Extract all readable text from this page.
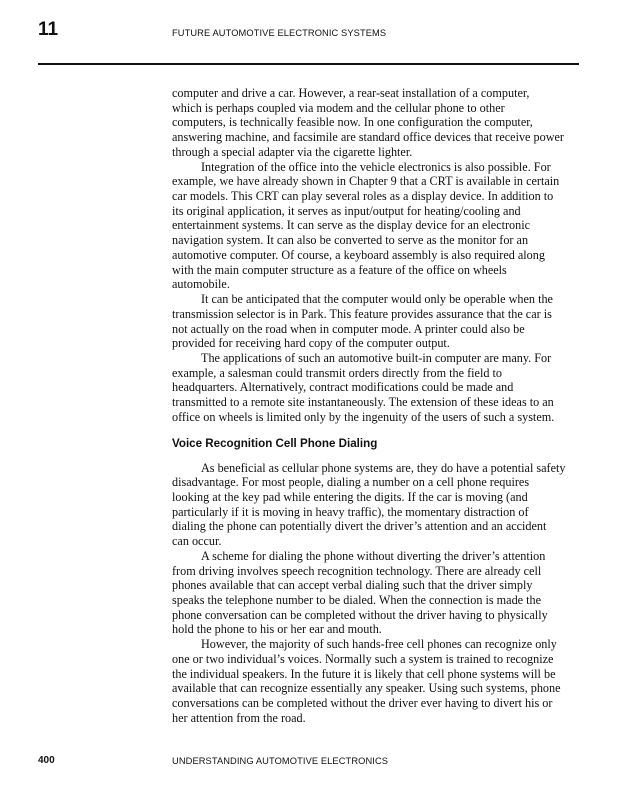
11	FUTURE AUTOMOTIVE ELECTRONIC SYSTEMS

computer and drive a car. However, a rear-seat installation of a computer,

which is perhaps coupled via modem and the cellular phone to other

computers, is technically feasible now. In one configuration the computer,

answering machine, and facsimile are standard office devices that receive power

through a special adapter via the cigarette lighter.

Integration of the office into the vehicle electronics is also possible. For

example, we have already shown in Chapter 9 that a CRT is available in certain

car models. This CRT can play several roles as a display device. In addition to

its original application, it serves as input/output for heating/cooling and

entertainment systems. It can serve as the display device for an electronic

navigation system. It can also be converted to serve as the monitor for an

automotive computer. Of course, a keyboard assembly is also required along

with the main computer structure as a feature of the office on wheels

automobile.

It can be anticipated that the computer would only be operable when the

transmission selector is in Park. This feature provides assurance that the car is

not actually on the road when in computer mode. A printer could also be

provided for receiving hard copy of the computer output.

The applications of such an automotive built-in computer are many. For

example, a salesman could transmit orders directly from the field to

headquarters. Alternatively, contract modifications could be made and

transmitted to a remote site instantaneously. The extension of these ideas to an

office on wheels is limited only by the ingenuity of the users of such a system.

Voice Recognition Cell Phone Dialing

As beneficial as cellular phone systems are, they do have a potential safety

disadvantage. For most people, dialing a number on a cell phone requires

looking at the key pad while entering the digits. If the car is moving (and

particularly if it is moving in heavy traffic), the momentary distraction of

dialing the phone can potentially divert the driver’s attention and an accident

can occur.

A scheme for dialing the phone without diverting the driver’s attention

from driving involves speech recognition technology. There are already cell

phones available that can accept verbal dialing such that the driver simply

speaks the telephone number to be dialed. When the connection is made the

phone conversation can be completed without the driver having to physically

hold the phone to his or her ear and mouth.

However, the majority of such hands-free cell phones can recognize only

one or two individual’s voices. Normally such a system is trained to recognize

the individual speakers. In the future it is likely that cell phone systems will be

available that can recognize essentially any speaker. Using such systems, phone

conversations can be completed without the driver ever having to divert his or

her attention from the road.

400	UNDERSTANDING AUTOMOTIVE ELECTRONICS
